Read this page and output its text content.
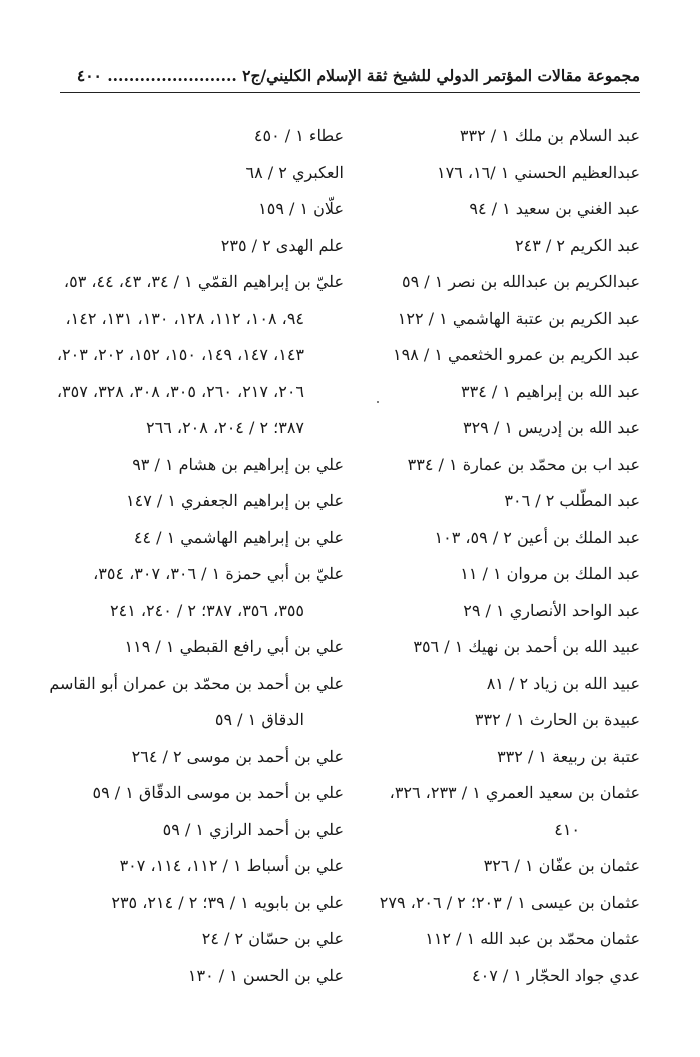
مجموعة مقالات المؤتمر الدولي للشيخ ثقة الإسلام الكليني/ج٢ ........................ ٤٠٠
عبد السلام بن ملك ١ / ٣٣٢
عبدالعظيم الحسني ١ /١٦، ١٧٦
عبد الغني بن سعيد ١ / ٩٤
عبد الكريم ٢ / ٢٤٣
عبدالكريم بن عبدالله بن نصر ١ / ٥٩
عبد الكريم بن عتبة الهاشمي ١ / ١٢٢
عبد الكريم بن عمرو الخثعمي ١ / ١٩٨
عبد الله بن إبراهيم ١ / ٣٣٤
عبد الله بن إدريس ١ / ٣٢٩
عبد اب بن محمّد بن عمارة ١ / ٣٣٤
عبد المطّلب ٢ / ٣٠٦
عبد الملك بن أعين ٢ / ٥٩، ١٠٣
عبد الملك بن مروان ١ / ١١
عبد الواحد الأنصاري ١ / ٢٩
عبيد الله بن أحمد بن نهيك ١ / ٣٥٦
عبيد الله بن زياد ٢ / ٨١
عبيدة بن الحارث ١ / ٣٣٢
عتبة بن ربيعة ١ / ٣٣٢
عثمان بن سعيد العمري ١ / ٢٣٣، ٣٢٦،
٤١٠
عثمان بن عفّان ١ / ٣٢٦
عثمان بن عيسى ١ / ٢٠٣؛ ٢ / ٢٠٦، ٢٧٩
عثمان محمّد بن عبد الله ١ / ١١٢
عدي جواد الحجّار ١ / ٤٠٧
عطاء ١ / ٤٥٠
العكبري ٢ / ٦٨
علّان ١ / ١٥٩
علم الهدى ٢ / ٢٣٥
عليّ بن إبراهيم القمّي ١ / ٣٤، ٤٣، ٤٤، ٥٣،
٩٤، ١٠٨، ١١٢، ١٢٨، ١٣٠، ١٣١، ١٤٢،
١٤٣، ١٤٧، ١٤٩، ١٥٠، ١٥٢، ٢٠٢، ٢٠٣،
٢٠٦، ٢١٧، ٢٦٠، ٣٠٥، ٣٠٨، ٣٢٨، ٣٥٧،
٣٨٧؛ ٢ / ٢٠٤، ٢٠٨، ٢٦٦
علي بن إبراهيم بن هشام ١ / ٩٣
علي بن إبراهيم الجعفري ١ / ١٤٧
علي بن إبراهيم الهاشمي ١ / ٤٤
عليّ بن أبي حمزة ١ / ٣٠٦، ٣٠٧، ٣٥٤،
٣٥٥، ٣٥٦، ٣٨٧؛ ٢ / ٢٤٠، ٢٤١
علي بن أبي رافع القبطي ١ / ١١٩
علي بن أحمد بن محمّد بن عمران أبو القاسم
الدقاق ١ / ٥٩
علي بن أحمد بن موسى ٢ / ٢٦٤
علي بن أحمد بن موسى الدقّاق ١ / ٥٩
علي بن أحمد الرازي ١ / ٥٩
علي بن أسباط ١ / ١١٢، ١١٤، ٣٠٧
علي بن بابويه ١ / ٣٩؛ ٢ / ٢١٤، ٢٣٥
علي بن حسّان ٢ / ٢٤
علي بن الحسن ١ / ١٣٠
